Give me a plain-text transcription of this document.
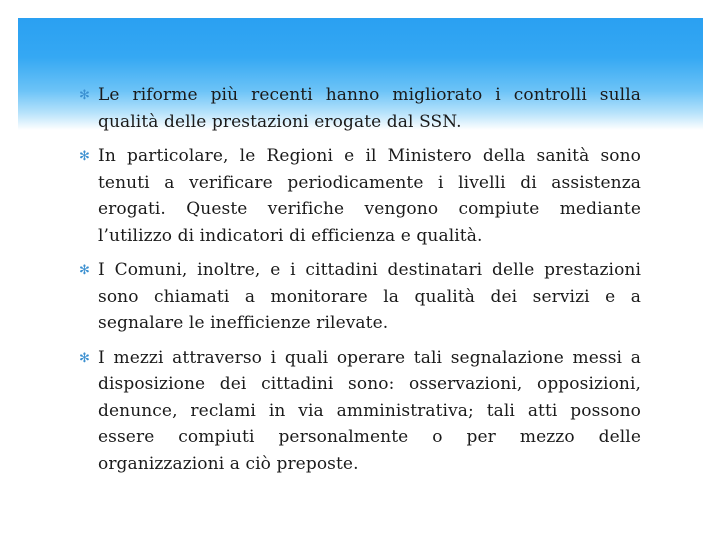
✻ Le riforme più recenti hanno migliorato i controlli sulla qualità delle prestazioni erogate dal SSN.
✻ In particolare, le Regioni e il Ministero della sanità sono tenuti a verificare periodicamente i livelli di assistenza erogati. Queste verifiche vengono compiute mediante l’utilizzo di indicatori di efficienza e qualità.
✻ I Comuni, inoltre, e i cittadini destinatari delle prestazioni sono chiamati a monitorare la qualità dei servizi e a segnalare le inefficienze rilevate.
✻ I mezzi attraverso i quali operare tali segnalazione messi a disposizione dei cittadini sono: osservazioni, opposizioni, denunce, reclami in via amministrativa; tali atti possono essere compiuti personalmente o per mezzo delle organizzazioni a ciò preposte.
